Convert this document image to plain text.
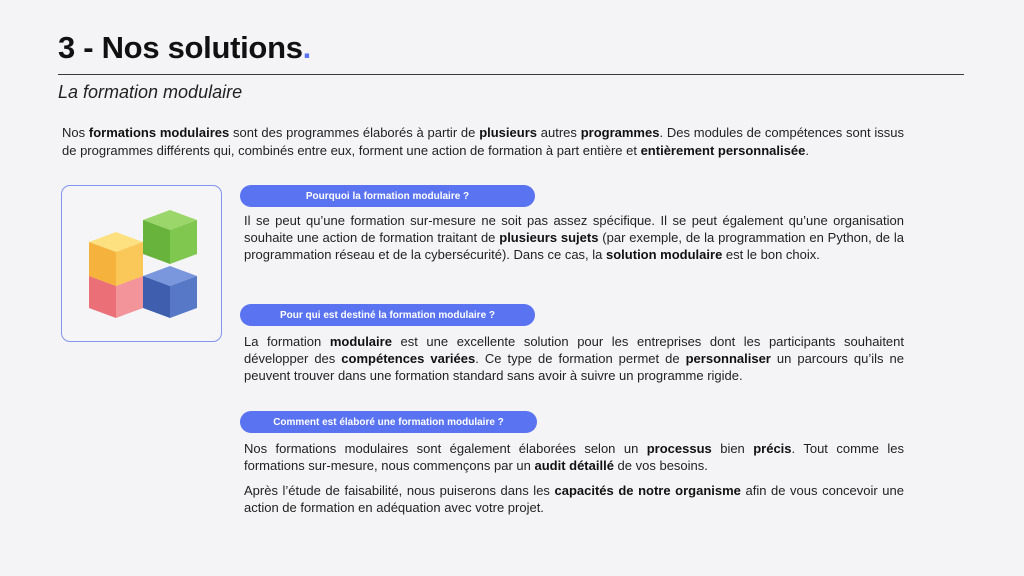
3 - Nos solutions.
La formation modulaire

Nos formations modulaires sont des programmes élaborés à partir de plusieurs autres programmes. Des modules de compétences sont issus de programmes différents qui, combinés entre eux, forment une action de formation à part entière et entièrement personnalisée.

Pourquoi la formation modulaire ?

Il se peut qu’une formation sur-mesure ne soit pas assez spécifique. Il se peut également qu’une organisation souhaite une action de formation traitant de plusieurs sujets (par exemple, de la programmation en Python, de la programmation réseau et de la cybersécurité). Dans ce cas, la solution modulaire est le bon choix.

Pour qui est destiné la formation modulaire ?

La formation modulaire est une excellente solution pour les entreprises dont les participants souhaitent développer des compétences variées. Ce type de formation permet de personnaliser un parcours qu’ils ne peuvent trouver dans une formation standard sans avoir à suivre un programme rigide.

Comment est élaboré une formation modulaire ?

Nos formations modulaires sont également élaborées selon un processus bien précis. Tout comme les formations sur-mesure, nous commençons par un audit détaillé de vos besoins.

Après l’étude de faisabilité, nous puiserons dans les capacités de notre organisme afin de vous concevoir une action de formation en adéquation avec votre projet.
